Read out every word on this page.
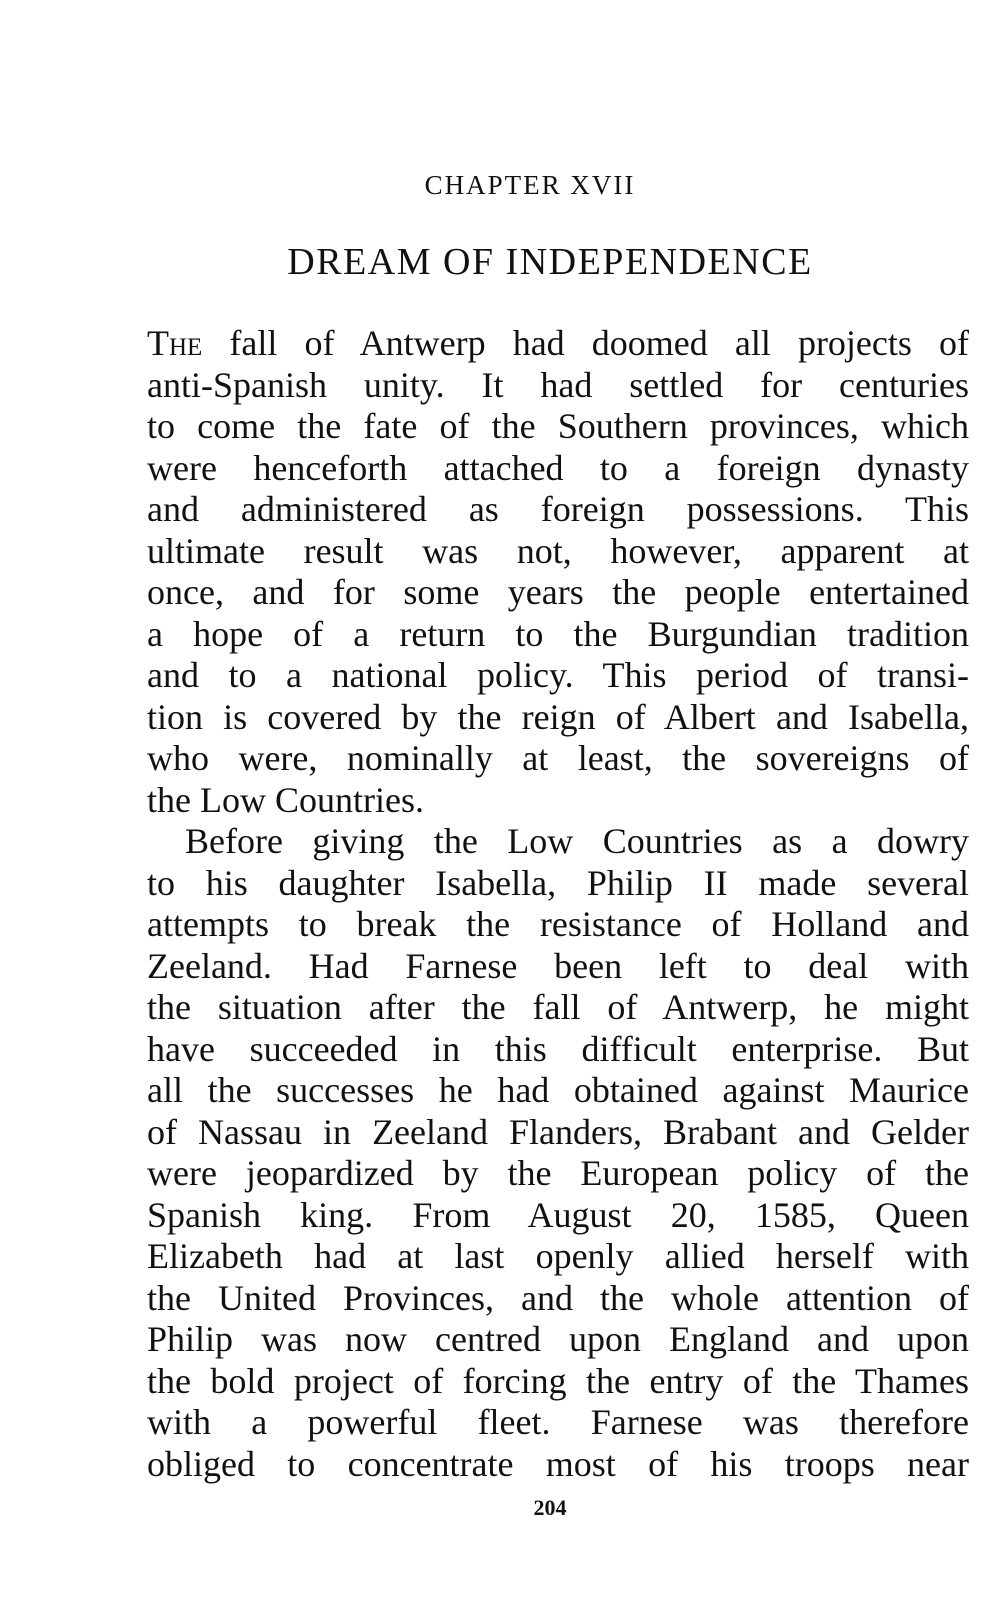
CHAPTER XVII
DREAM OF INDEPENDENCE
The fall of Antwerp had doomed all projects of
anti-Spanish unity. It had settled for centuries
to come the fate of the Southern provinces, which
were henceforth attached to a foreign dynasty
and administered as foreign possessions. This
ultimate result was not, however, apparent at
once, and for some years the people entertained
a hope of a return to the Burgundian tradition
and to a national policy. This period of transi-
tion is covered by the reign of Albert and Isabella,
who were, nominally at least, the sovereigns of
the Low Countries.
Before giving the Low Countries as a dowry
to his daughter Isabella, Philip II made several
attempts to break the resistance of Holland and
Zeeland. Had Farnese been left to deal with
the situation after the fall of Antwerp, he might
have succeeded in this difficult enterprise. But
all the successes he had obtained against Maurice
of Nassau in Zeeland Flanders, Brabant and Gelder
were jeopardized by the European policy of the
Spanish king. From August 20, 1585, Queen
Elizabeth had at last openly allied herself with
the United Provinces, and the whole attention of
Philip was now centred upon England and upon
the bold project of forcing the entry of the Thames
with a powerful fleet. Farnese was therefore
obliged to concentrate most of his troops near
204
